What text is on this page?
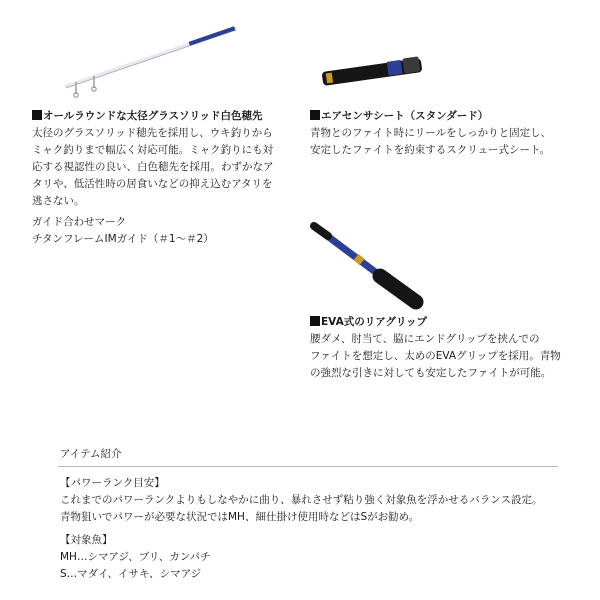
オールラウンドな太径グラスソリッド白色穂先

太径のグラスソリッド穂先を採用し、ウキ釣りから

ミャク釣りまで幅広く対応可能。ミャク釣りにも対

応する視認性の良い、白色穂先を採用。わずかなア

タリや、低活性時の居食いなどの抑え込むアタリを

逃さない。

ガイド合わせマーク

チタンフレームIMガイド（＃1〜＃2）

エアセンサシート（スタンダード）

青物とのファイト時にリールをしっかりと固定し、

安定したファイトを約束するスクリュー式シート。

EVA式のリアグリップ

腰ダメ、肘当て、脇にエンドグリップを挟んでの

ファイトを想定し、太めのEVAグリップを採用。青物

の強烈な引きに対しても安定したファイトが可能。

アイテム紹介

【パワーランク目安】

これまでのパワーランクよりもしなやかに曲り、暴れさせず粘り強く対象魚を浮かせるバランス設定。

青物狙いでパワーが必要な状況ではMH、細仕掛け使用時などはSがお勧め。

【対象魚】

MH…シマアジ、ブリ、カンパチ

S…マダイ、イサキ、シマアジ
